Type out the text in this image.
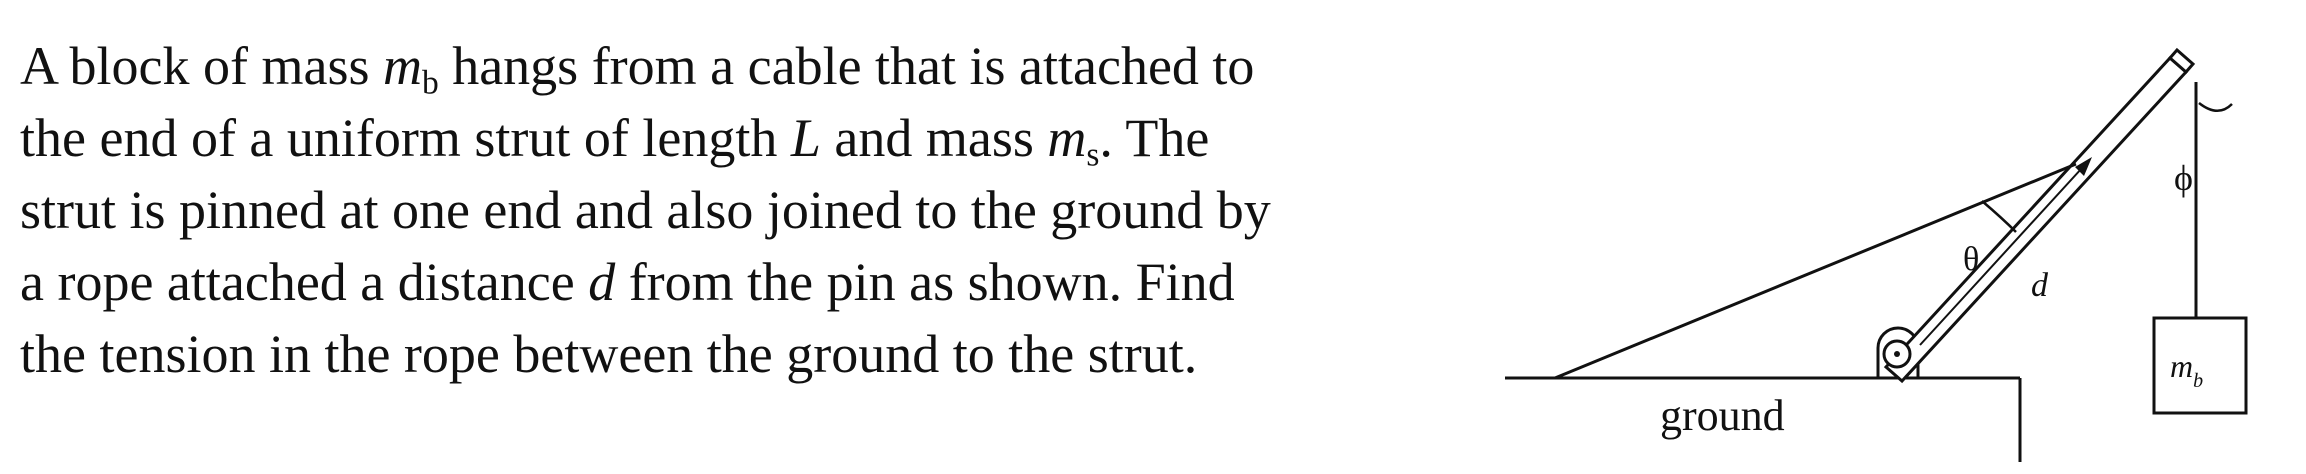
A block of mass $m_b$ hangs from a cable that is attached to
the end of a uniform strut of length L and mass $m_s$. The
strut is pinned at one end and also joined to the ground by
a rope attached a distance d from the pin as shown. Find
the tension in the rope between the ground to the strut.
θ
ϕ
d
ground
$m_b$
